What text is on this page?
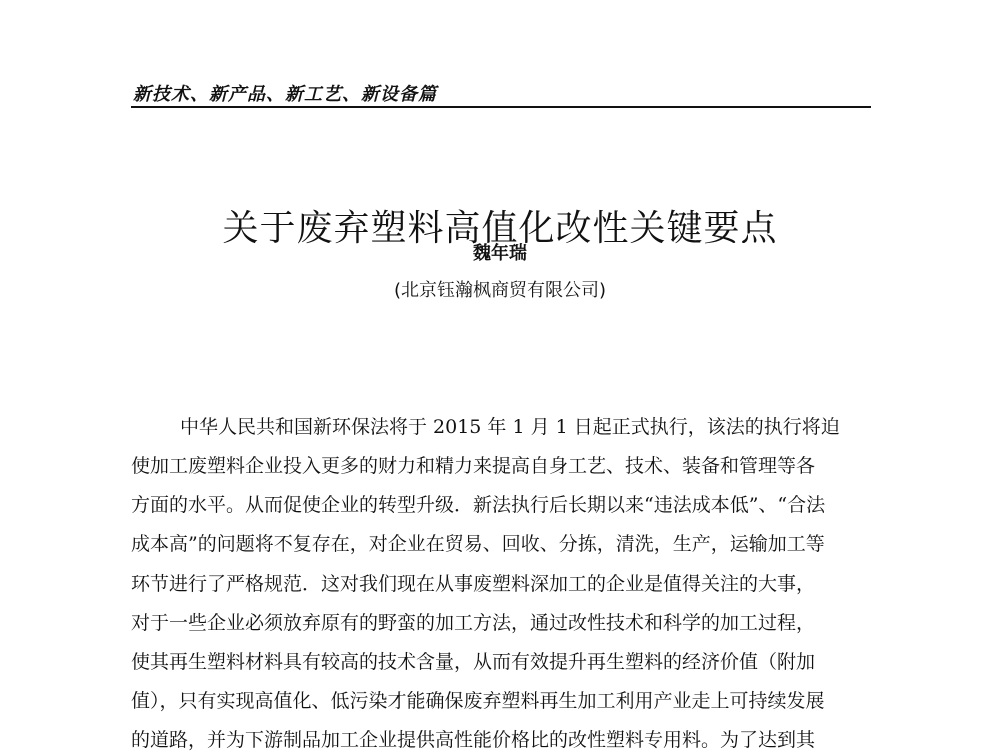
新技术、新产品、新工艺、新设备篇
关于废弃塑料高值化改性关键要点
魏年瑞
(北京钰瀚枫商贸有限公司)
中华人民共和国新环保法将于 2015 年 1 月 1 日起正式执行，该法的执行将迫
使加工废塑料企业投入更多的财力和精力来提高自身工艺、技术、装备和管理等各
方面的水平。从而促使企业的转型升级．新法执行后长期以来“违法成本低”、“合法
成本高”的问题将不复存在，对企业在贸易、回收、分拣，清洗，生产，运输加工等
环节进行了严格规范．这对我们现在从事废塑料深加工的企业是值得关注的大事，
对于一些企业必须放弃原有的野蛮的加工方法，通过改性技术和科学的加工过程，
使其再生塑料材料具有较高的技术含量，从而有效提升再生塑料的经济价值（附加
值），只有实现高值化、低污染才能确保废弃塑料再生加工利用产业走上可持续发展
的道路，并为下游制品加工企业提供高性能价格比的改性塑料专用料。为了达到其
